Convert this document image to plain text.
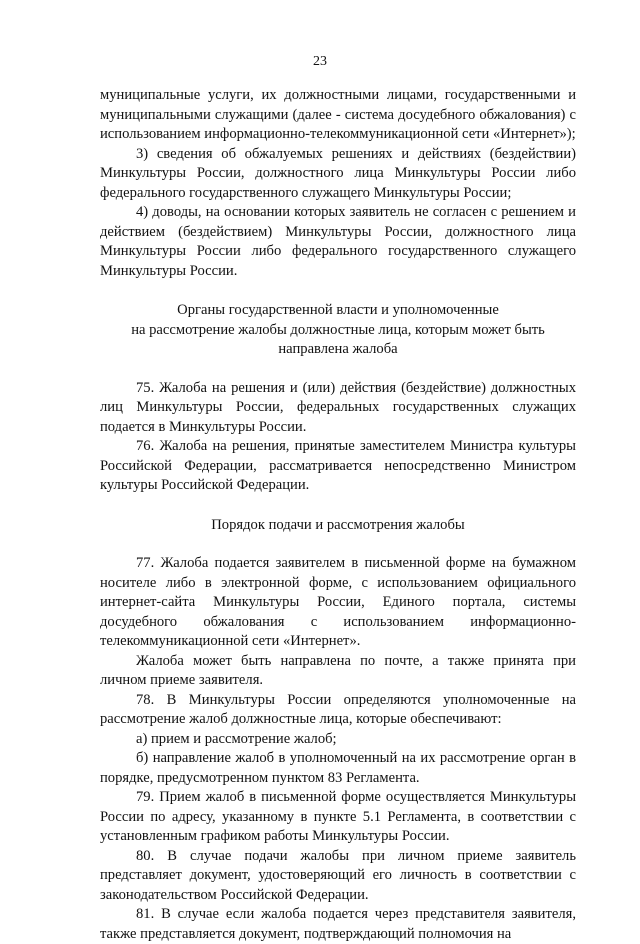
23

муниципальные услуги, их должностными лицами, государственными и муниципальными служащими (далее - система досудебного обжалования) с использованием информационно-телекоммуникационной сети «Интернет»);

3) сведения об обжалуемых решениях и действиях (бездействии) Минкультуры России, должностного лица Минкультуры России либо федерального государственного служащего Минкультуры России;

4) доводы, на основании которых заявитель не согласен с решением и действием (бездействием) Минкультуры России, должностного лица Минкультуры России либо федерального государственного служащего Минкультуры России.

Органы государственной власти и уполномоченные
на рассмотрение жалобы должностные лица, которым может быть
направлена жалоба

75. Жалоба на решения и (или) действия (бездействие) должностных лиц Минкультуры России, федеральных государственных служащих подается в Минкультуры России.

76. Жалоба на решения, принятые заместителем Министра культуры Российской Федерации, рассматривается непосредственно Министром культуры Российской Федерации.

Порядок подачи и рассмотрения жалобы

77. Жалоба подается заявителем в письменной форме на бумажном носителе либо в электронной форме, с использованием официального интернет-сайта Минкультуры России, Единого портала, системы досудебного обжалования с использованием информационно-телекоммуникационной сети «Интернет».

Жалоба может быть направлена по почте, а также принята при личном приеме заявителя.

78. В Минкультуры России определяются уполномоченные на рассмотрение жалоб должностные лица, которые обеспечивают:

а) прием и рассмотрение жалоб;

б) направление жалоб в уполномоченный на их рассмотрение орган в порядке, предусмотренном пунктом 83 Регламента.

79. Прием жалоб в письменной форме осуществляется Минкультуры России по адресу, указанному в пункте 5.1 Регламента, в соответствии с установленным графиком работы Минкультуры России.

80. В случае подачи жалобы при личном приеме заявитель представляет документ, удостоверяющий его личность в соответствии с законодательством Российской Федерации.

81. В случае если жалоба подается через представителя заявителя, также представляется документ, подтверждающий полномочия на
